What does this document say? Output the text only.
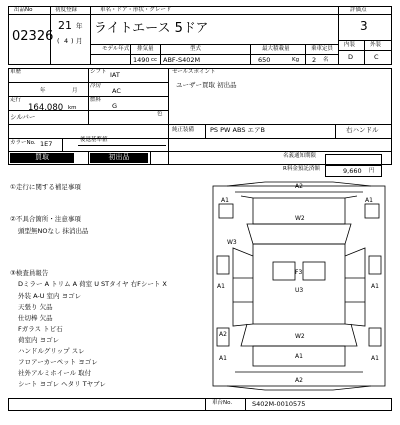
出品No
02326
初度登録
21 年
( 4 ) 月
車名・ドア・形状・グレード
ライトエース 5ドア
モデル年式 排気量	型式	最大積載量	乗車定員
1490 cc ABF-S402M	650	Kg 2 名
評価点
3
内装	外装
D	C
車歴	シフト IAT
冷房
AC
年	月
走行
164,080 km
燃料
G
シルバー	色
セールスポイント
ユーザー買取 初出品
純正装備 PS PW ABS エアB	右ハンドル
カラーNo. 1E7	後退基準値
買取	初出品	名義通知期限
R料金預託済額	9,660 円
①走行に関する補足事項
②不具合箇所・注意事項
頭型無NOなし 抹消出品
③検査員報告
Dミラー A トリム A 荷室 U STタイヤ 右Fシート X
外装 A-U 室内 ヨゴレ
天張り 欠品
仕切棒 欠品
Fガラス トビ石
荷室内 ヨゴレ
ハンドルグリップ スレ
フロアーカーペット ヨゴレ
社外アルミホイール 取付
シート ヨゴレ ヘタリ Tヤブレ
A2
A1
W2
A1
W3
A1	A1
F3
U3
A2	W2
A1	A1
A1
A2
車台No.	S402M-0010575
